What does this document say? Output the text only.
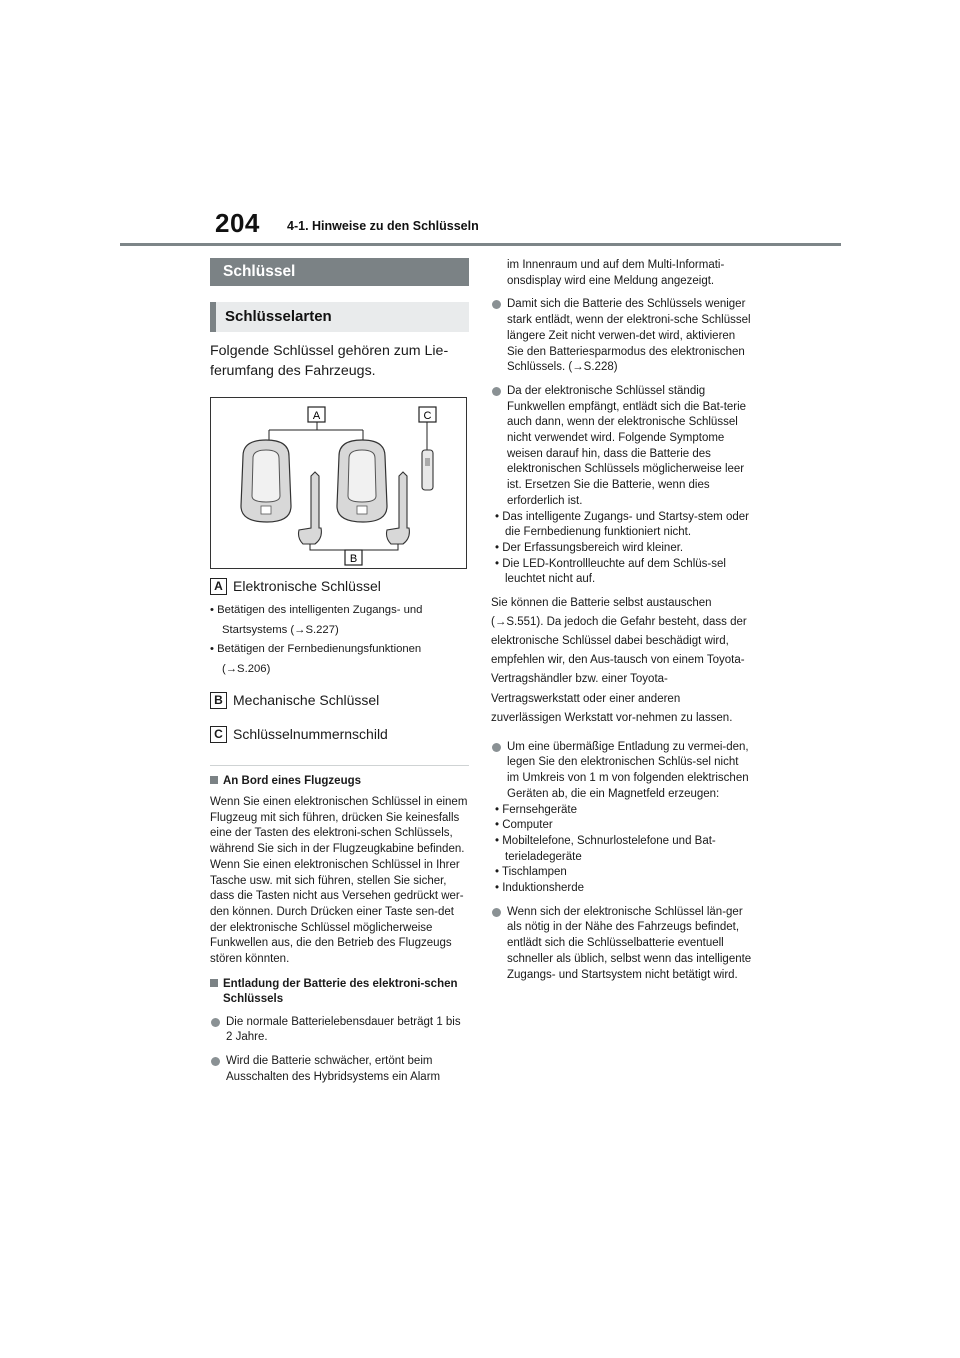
204 4-1. Hinweise zu den Schlüsseln
Schlüssel
Schlüsselarten
Folgende Schlüssel gehören zum Lie-ferumfang des Fahrzeugs.
A	C
B
A Elektronische Schlüssel
• Betätigen des intelligenten Zugangs- und Startsystems (→S.227)
• Betätigen der Fernbedienungsfunktionen (→S.206)
B Mechanische Schlüssel
C Schlüsselnummernschild
An Bord eines Flugzeugs
Wenn Sie einen elektronischen Schlüssel in einem Flugzeug mit sich führen, drücken Sie keinesfalls eine der Tasten des elektroni-schen Schlüssels, während Sie sich in der Flugzeugkabine befinden. Wenn Sie einen elektronischen Schlüssel in Ihrer Tasche usw. mit sich führen, stellen Sie sicher, dass die Tasten nicht aus Versehen gedrückt wer-den können. Durch Drücken einer Taste sen-det der elektronische Schlüssel möglicherweise Funkwellen aus, die den Betrieb des Flugzeugs stören könnten.
Entladung der Batterie des elektroni-schen Schlüssels
Die normale Batterielebensdauer beträgt 1 bis 2 Jahre.
Wird die Batterie schwächer, ertönt beim Ausschalten des Hybridsystems ein Alarm
im Innenraum und auf dem Multi-Informati-onsdisplay wird eine Meldung angezeigt.
Damit sich die Batterie des Schlüssels weniger stark entlädt, wenn der elektroni-sche Schlüssel längere Zeit nicht verwen-det wird, aktivieren Sie den Batteriesparmodus des elektronischen Schlüssels. (→S.228)
Da der elektronische Schlüssel ständig Funkwellen empfängt, entlädt sich die Bat-terie auch dann, wenn der elektronische Schlüssel nicht verwendet wird. Folgende Symptome weisen darauf hin, dass die Batterie des elektronischen Schlüssels möglicherweise leer ist. Ersetzen Sie die Batterie, wenn dies erforderlich ist.
• Das intelligente Zugangs- und Startsy-stem oder die Fernbedienung funktioniert nicht.
• Der Erfassungsbereich wird kleiner.
• Die LED-Kontrollleuchte auf dem Schlüs-sel leuchtet nicht auf.
Sie können die Batterie selbst austauschen (→S.551). Da jedoch die Gefahr besteht, dass der elektronische Schlüssel dabei beschädigt wird, empfehlen wir, den Aus-tausch von einem Toyota-Vertragshändler bzw. einer Toyota-Vertragswerkstatt oder einer anderen zuverlässigen Werkstatt vor-nehmen zu lassen.
Um eine übermäßige Entladung zu vermei-den, legen Sie den elektronischen Schlüs-sel nicht im Umkreis von 1 m von folgenden elektrischen Geräten ab, die ein Magnetfeld erzeugen:
• Fernsehgeräte
• Computer
• Mobiltelefone, Schnurlostelefone und Bat-terieladegeräte
• Tischlampen
• Induktionsherde
Wenn sich der elektronische Schlüssel län-ger als nötig in der Nähe des Fahrzeugs befindet, entlädt sich die Schlüsselbatterie eventuell schneller als üblich, selbst wenn das intelligente Zugangs- und Startsystem nicht betätigt wird.
